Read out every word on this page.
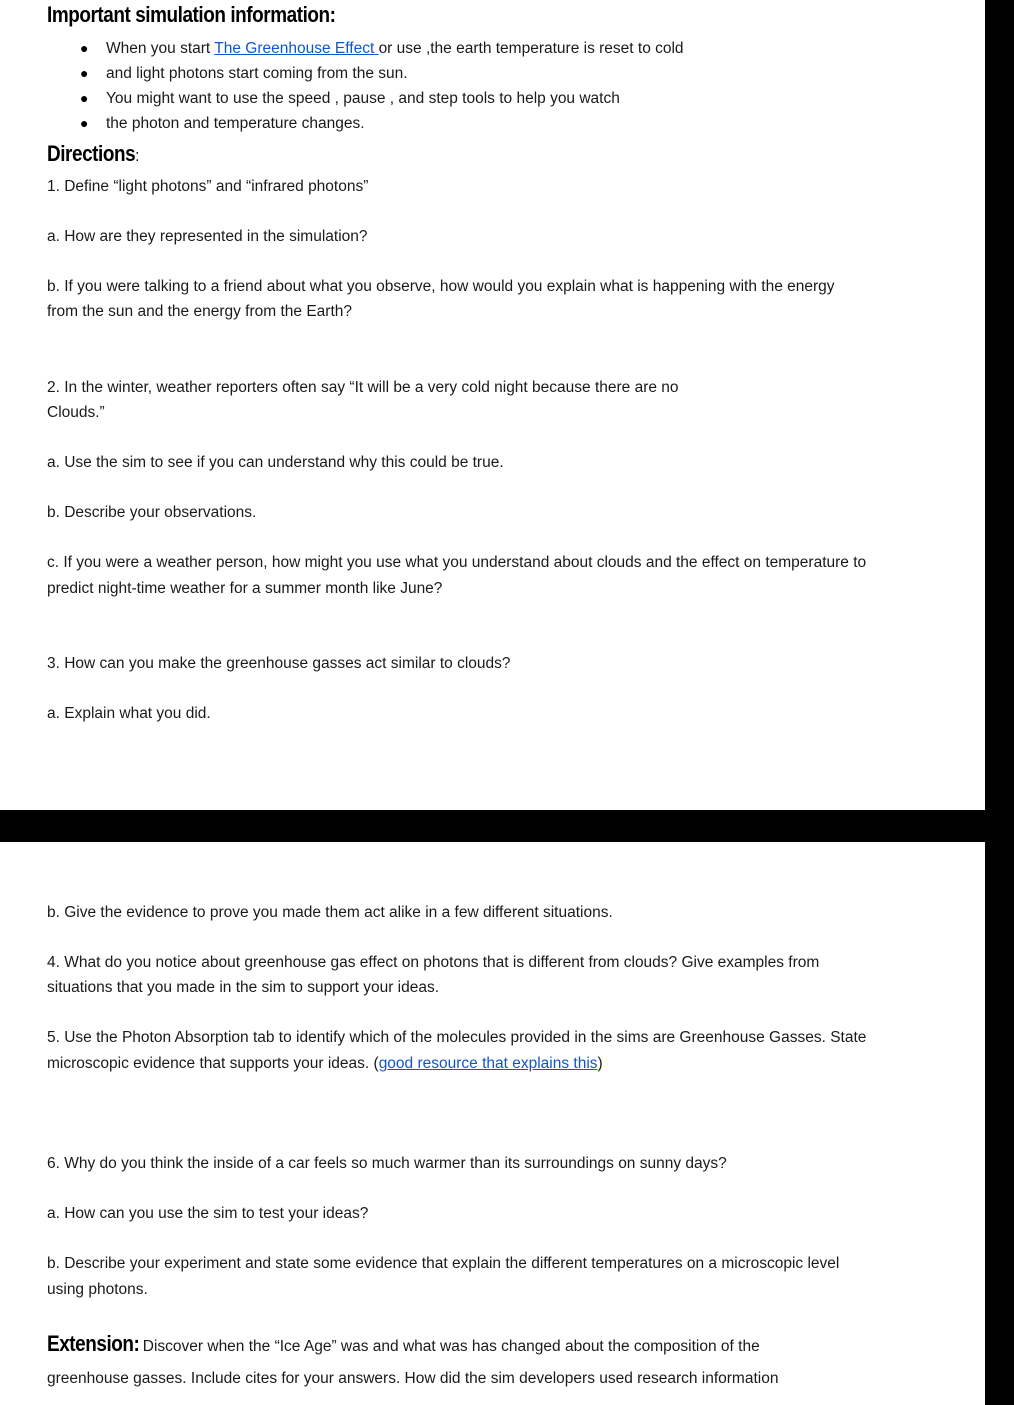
Important simulation information:
● When you start The Greenhouse Effect or use ,the earth temperature is reset to cold
● and light photons start coming from the sun.
● You might want to use the speed , pause , and step tools to help you watch
● the photon and temperature changes.
Directions:
1. Define “light photons” and “infrared photons”
a. How are they represented in the simulation?
b. If you were talking to a friend about what you observe, how would you explain what is happening with the energy
from the sun and the energy from the Earth?
2. In the winter, weather reporters often say “It will be a very cold night because there are no
Clouds.”
a. Use the sim to see if you can understand why this could be true.
b. Describe your observations.
c. If you were a weather person, how might you use what you understand about clouds and the effect on temperature to
predict night-time weather for a summer month like June?
3. How can you make the greenhouse gasses act similar to clouds?
a. Explain what you did.
b. Give the evidence to prove you made them act alike in a few different situations.
4. What do you notice about greenhouse gas effect on photons that is different from clouds? Give examples from
situations that you made in the sim to support your ideas.
5. Use the Photon Absorption tab to identify which of the molecules provided in the sims are Greenhouse Gasses. State
microscopic evidence that supports your ideas. (good resource that explains this)
6. Why do you think the inside of a car feels so much warmer than its surroundings on sunny days?
a. How can you use the sim to test your ideas?
b. Describe your experiment and state some evidence that explain the different temperatures on a microscopic level
using photons.
Extension: Discover when the “Ice Age” was and what was has changed about the composition of the
greenhouse gasses. Include cites for your answers. How did the sim developers used research information
